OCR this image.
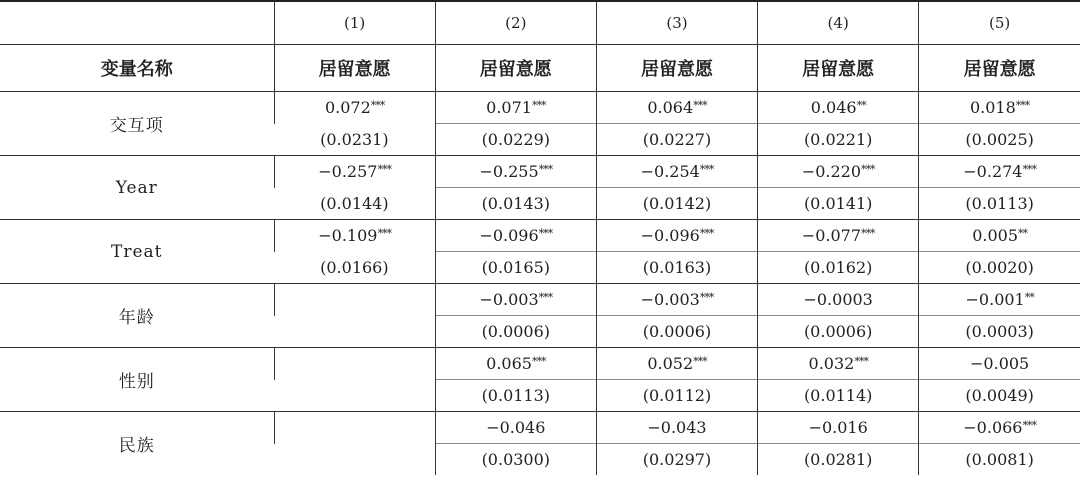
	(1)	(2)	(3)	(4)	(5)
变量名称	居留意愿	居留意愿	居留意愿	居留意愿	居留意愿
交互项	0.072***	0.071***	0.064***	0.046**	0.018***
	(0.0231)	(0.0229)	(0.0227)	(0.0221)	(0.0025)
Year	−0.257***	−0.255***	−0.254***	−0.220***	−0.274***
	(0.0144)	(0.0143)	(0.0142)	(0.0141)	(0.0113)
Treat	−0.109***	−0.096***	−0.096***	−0.077***	0.005**
	(0.0166)	(0.0165)	(0.0163)	(0.0162)	(0.0020)
年龄		−0.003***	−0.003***	−0.0003	−0.001**
		(0.0006)	(0.0006)	(0.0006)	(0.0003)
性别		0.065***	0.052***	0.032***	−0.005
		(0.0113)	(0.0112)	(0.0114)	(0.0049)
民族		−0.046	−0.043	−0.016	−0.066***
		(0.0300)	(0.0297)	(0.0281)	(0.0081)
